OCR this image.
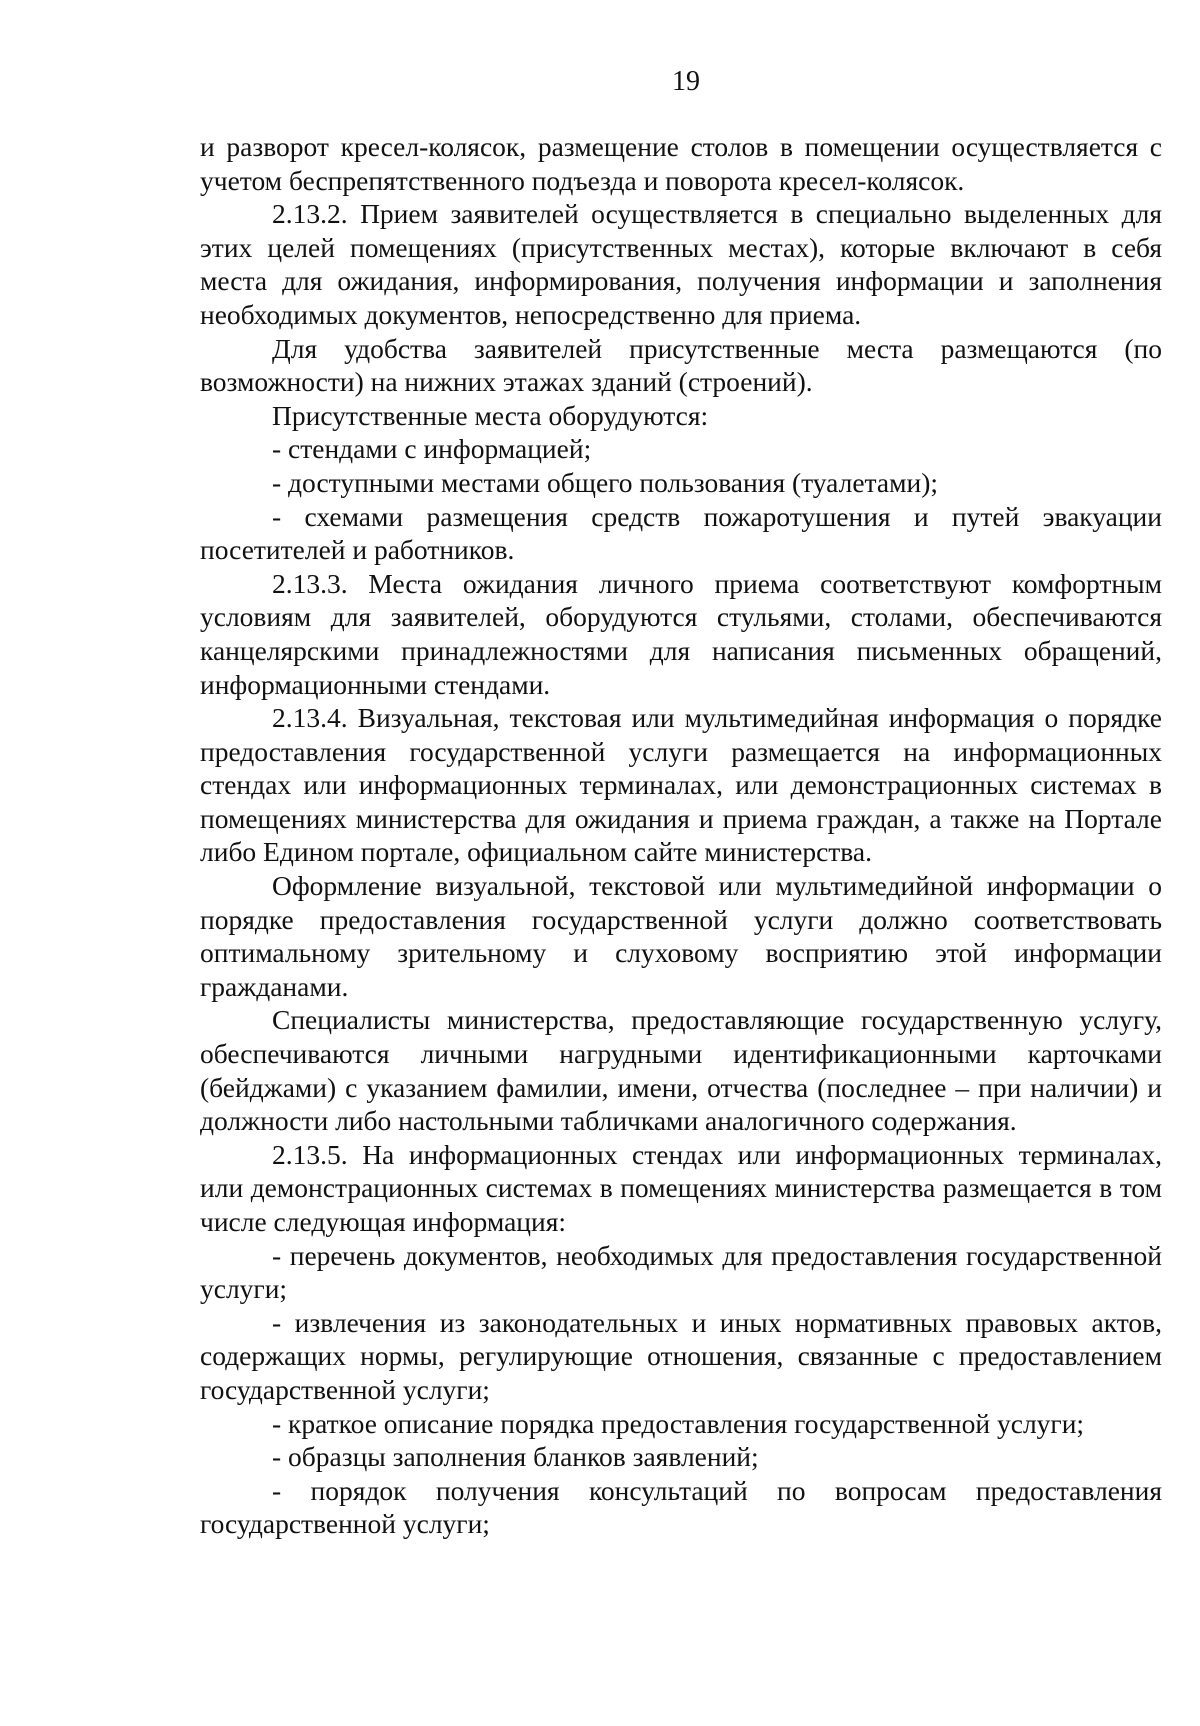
19

и разворот кресел-колясок, размещение столов в помещении осуществляется с учетом беспрепятственного подъезда и поворота кресел-колясок.

2.13.2. Прием заявителей осуществляется в специально выделенных для этих целей помещениях (присутственных местах), которые включают в себя места для ожидания, информирования, получения информации и заполнения необходимых документов, непосредственно для приема.

Для удобства заявителей присутственные места размещаются (по возможности) на нижних этажах зданий (строений).

Присутственные места оборудуются:

- стендами с информацией;

- доступными местами общего пользования (туалетами);

- схемами размещения средств пожаротушения и путей эвакуации посетителей и работников.

2.13.3. Места ожидания личного приема соответствуют комфортным условиям для заявителей, оборудуются стульями, столами, обеспечиваются канцелярскими принадлежностями для написания письменных обращений, информационными стендами.

2.13.4. Визуальная, текстовая или мультимедийная информация о порядке предоставления государственной услуги размещается на информационных стендах или информационных терминалах, или демонстрационных системах в помещениях министерства для ожидания и приема граждан, а также на Портале либо Едином портале, официальном сайте министерства.

Оформление визуальной, текстовой или мультимедийной информации о порядке предоставления государственной услуги должно соответствовать оптимальному зрительному и слуховому восприятию этой информации гражданами.

Специалисты министерства, предоставляющие государственную услугу, обеспечиваются личными нагрудными идентификационными карточками (бейджами) с указанием фамилии, имени, отчества (последнее – при наличии) и должности либо настольными табличками аналогичного содержания.

2.13.5. На информационных стендах или информационных терминалах, или демонстрационных системах в помещениях министерства размещается в том числе следующая информация:

- перечень документов, необходимых для предоставления государственной услуги;

- извлечения из законодательных и иных нормативных правовых актов, содержащих нормы, регулирующие отношения, связанные с предоставлением государственной услуги;

- краткое описание порядка предоставления государственной услуги;

- образцы заполнения бланков заявлений;

- порядок получения консультаций по вопросам предоставления государственной услуги;
